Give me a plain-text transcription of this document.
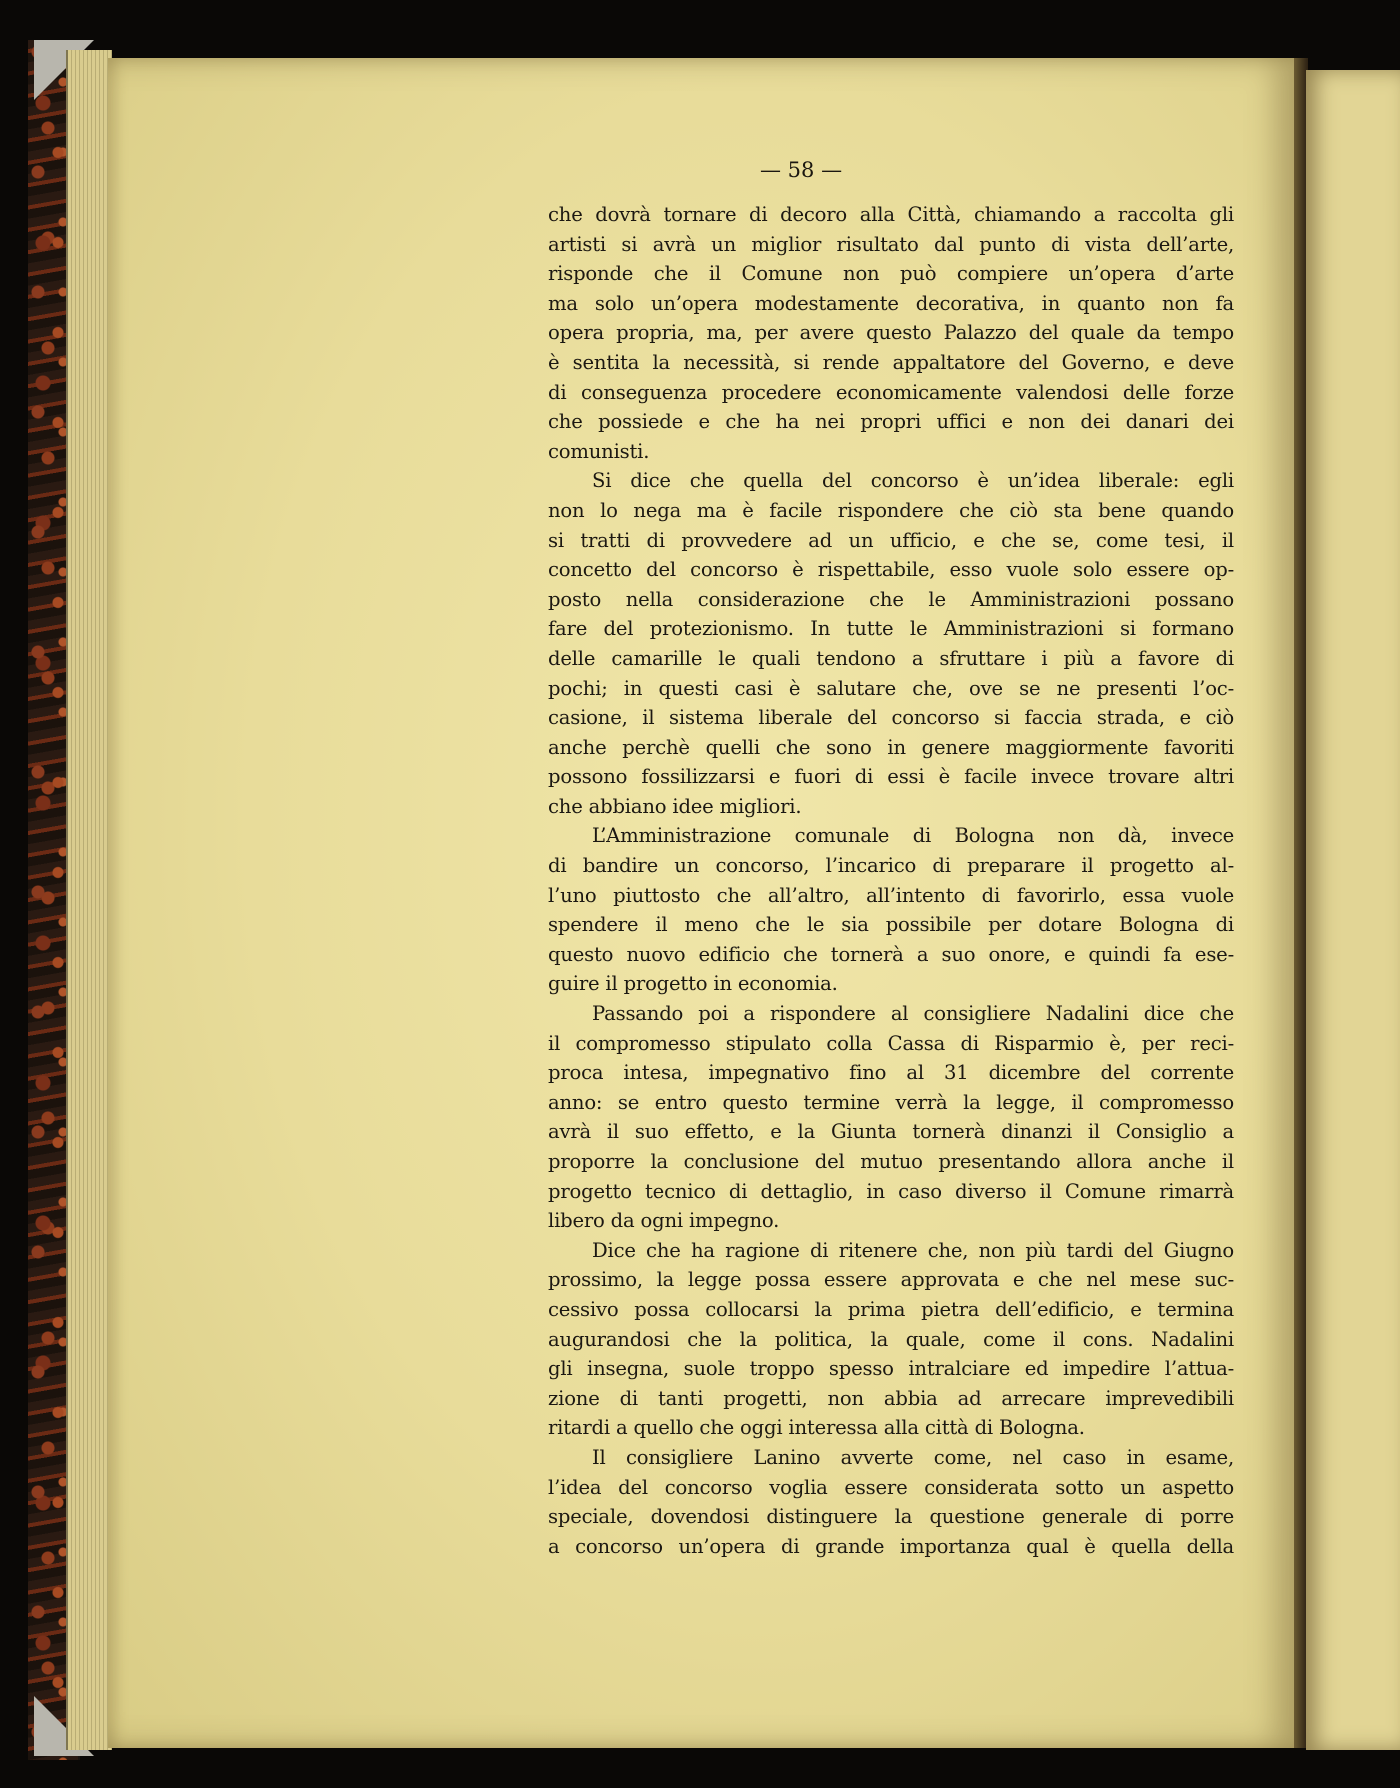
— 58 —
che dovrà tornare di decoro alla Città, chiamando a raccolta gli
artisti si avrà un miglior risultato dal punto di vista dell’arte,
risponde che il Comune non può compiere un’opera d’arte
ma solo un’opera modestamente decorativa, in quanto non fa
opera propria, ma, per avere questo Palazzo del quale da tempo
è sentita la necessità, si rende appaltatore del Governo, e deve
di conseguenza procedere economicamente valendosi delle forze
che possiede e che ha nei propri uffici e non dei danari dei
comunisti.
Si dice che quella del concorso è un’idea liberale: egli
non lo nega ma è facile rispondere che ciò sta bene quando
si tratti di provvedere ad un ufficio, e che se, come tesi, il
concetto del concorso è rispettabile, esso vuole solo essere op-
posto nella considerazione che le Amministrazioni possano
fare del protezionismo. In tutte le Amministrazioni si formano
delle camarille le quali tendono a sfruttare i più a favore di
pochi; in questi casi è salutare che, ove se ne presenti l’oc-
casione, il sistema liberale del concorso si faccia strada, e ciò
anche perchè quelli che sono in genere maggiormente favoriti
possono fossilizzarsi e fuori di essi è facile invece trovare altri
che abbiano idee migliori.
L’Amministrazione comunale di Bologna non dà, invece
di bandire un concorso, l’incarico di preparare il progetto al-
l’uno piuttosto che all’altro, all’intento di favorirlo, essa vuole
spendere il meno che le sia possibile per dotare Bologna di
questo nuovo edificio che tornerà a suo onore, e quindi fa ese-
guire il progetto in economia.
Passando poi a rispondere al consigliere Nadalini dice che
il compromesso stipulato colla Cassa di Risparmio è, per reci-
proca intesa, impegnativo fino al 31 dicembre del corrente
anno: se entro questo termine verrà la legge, il compromesso
avrà il suo effetto, e la Giunta tornerà dinanzi il Consiglio a
proporre la conclusione del mutuo presentando allora anche il
progetto tecnico di dettaglio, in caso diverso il Comune rimarrà
libero da ogni impegno.
Dice che ha ragione di ritenere che, non più tardi del Giugno
prossimo, la legge possa essere approvata e che nel mese suc-
cessivo possa collocarsi la prima pietra dell’edificio, e termina
augurandosi che la politica, la quale, come il cons. Nadalini
gli insegna, suole troppo spesso intralciare ed impedire l’attua-
zione di tanti progetti, non abbia ad arrecare imprevedibili
ritardi a quello che oggi interessa alla città di Bologna.
Il consigliere Lanino avverte come, nel caso in esame,
l’idea del concorso voglia essere considerata sotto un aspetto
speciale, dovendosi distinguere la questione generale di porre
a concorso un’opera di grande importanza qual è quella della
